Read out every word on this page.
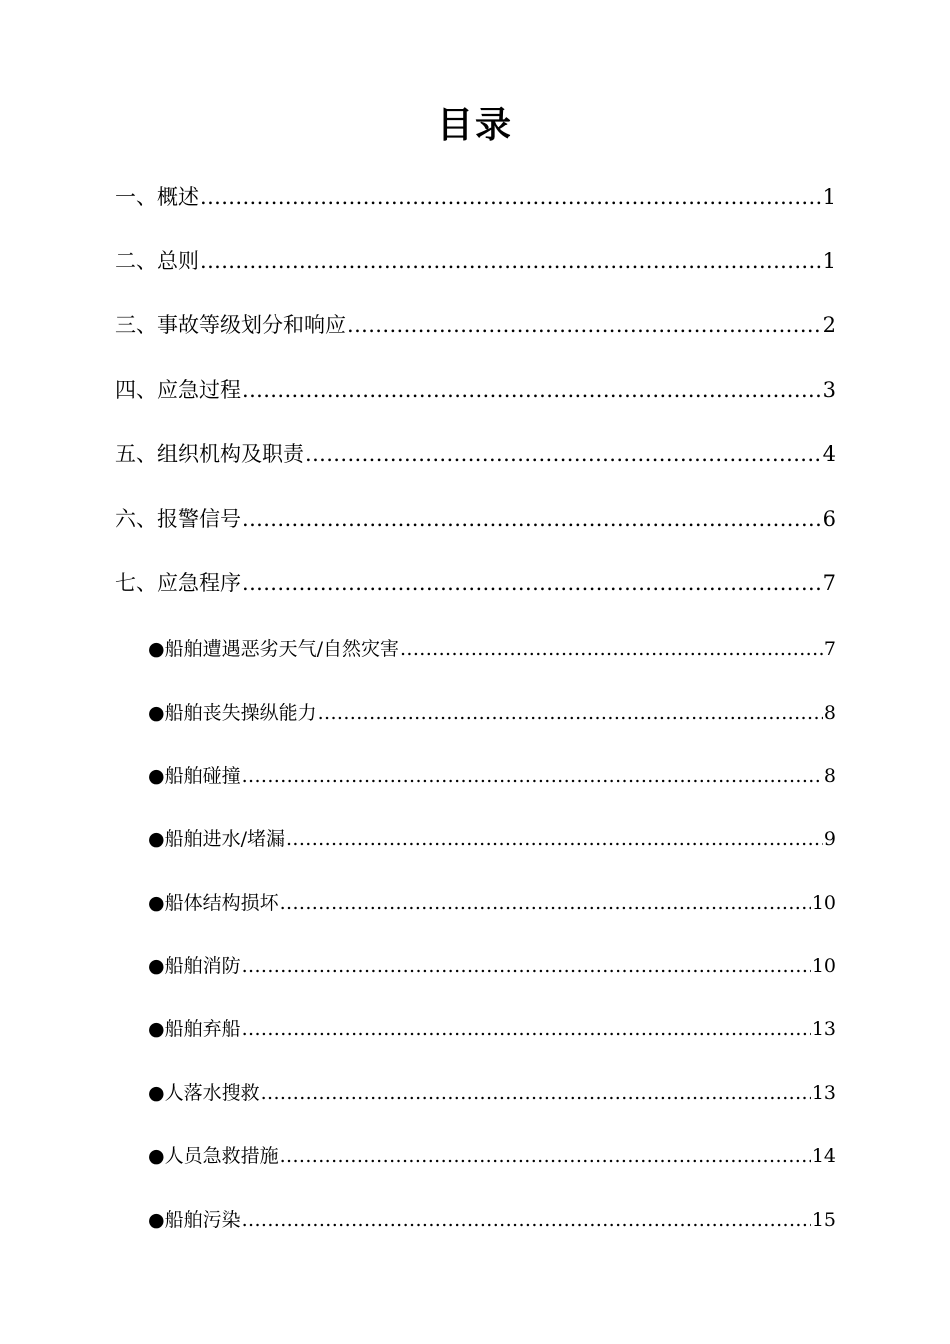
目录
一、概述 .....	1
二、总则 .....	1
三、事故等级划分和响应 .....	2
四、应急过程 .....	3
五、组织机构及职责 .....	4
六、报警信号 .....	6
七、应急程序 .....	7
●船舶遭遇恶劣天气/自然灾害 .....	7
●船舶丧失操纵能力 .....	8
●船舶碰撞 .....	8
●船舶进水/堵漏 .....	9
●船体结构损坏 .....	10
●船舶消防 .....	10
●船舶弃船 .....	13
●人落水搜救 .....	13
●人员急救措施 .....	14
●船舶污染 .....	15
